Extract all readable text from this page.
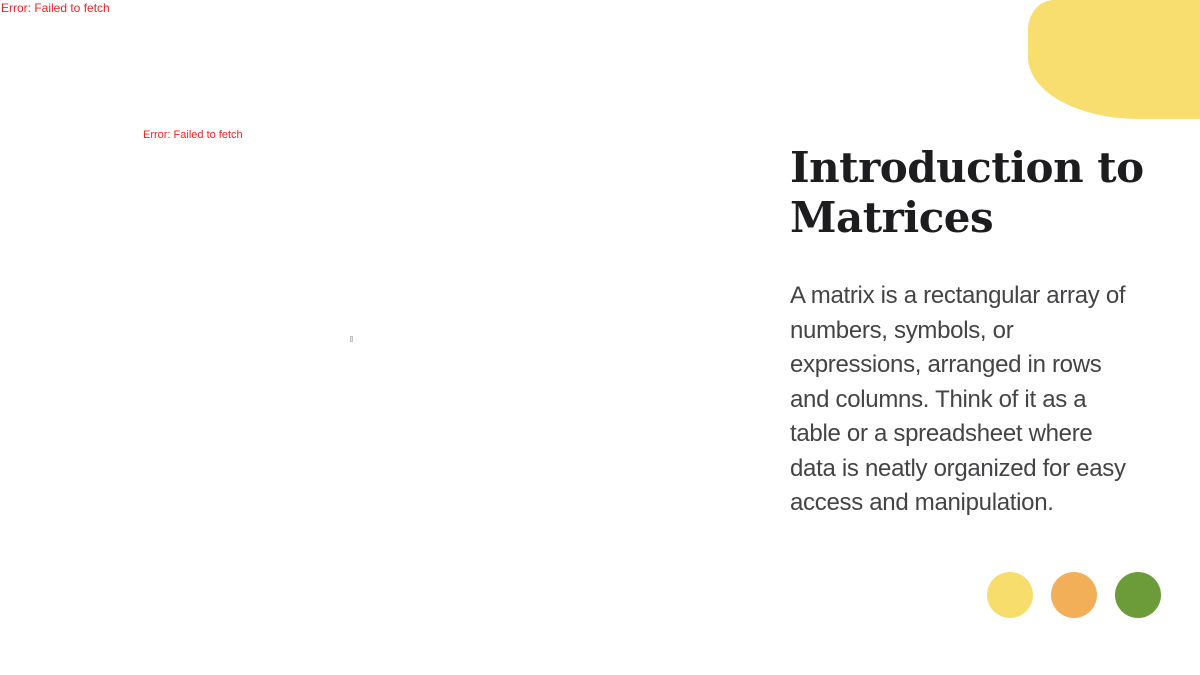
Error: Failed to fetch
Error: Failed to fetch
Introduction to
Matrices
A matrix is a rectangular array of
numbers, symbols, or
expressions, arranged in rows
and columns. Think of it as a
table or a spreadsheet where
data is neatly organized for easy
access and manipulation.
